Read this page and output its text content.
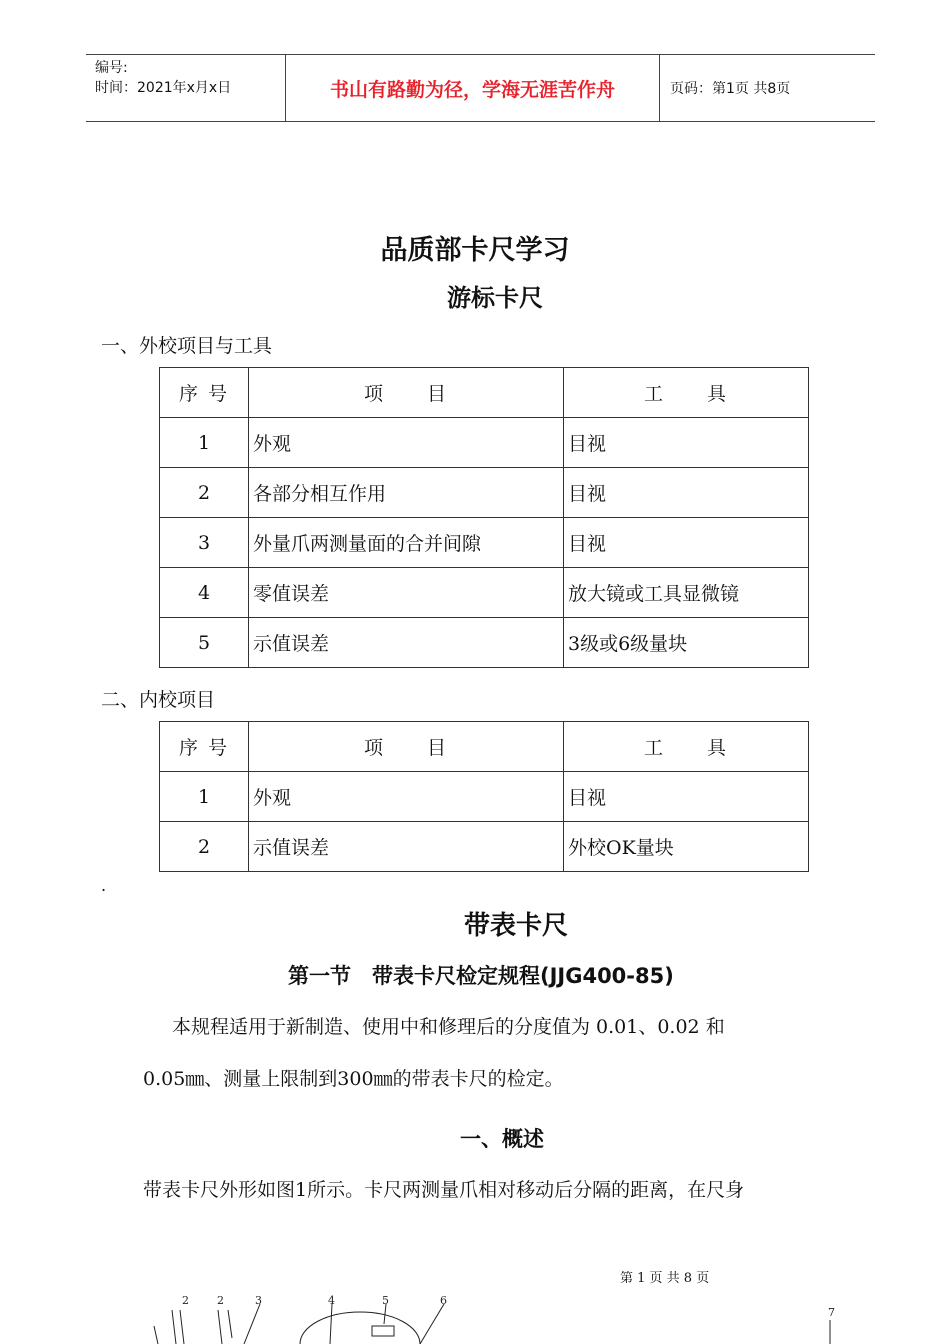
编号:
时间：2021年x月x日	书山有路勤为径，学海无涯苦作舟	页码：第1页 共8页
品质部卡尺学习
游标卡尺
一、外校项目与工具
序 号	项　　目	工　　具
1	外观	目视
2	各部分相互作用	目视
3	外量爪两测量面的合并间隙	目视
4	零值误差	放大镜或工具显微镜
5	示值误差	3级或6级量块
二、内校项目
序 号	项　　目	工　　具
1	外观	目视
2	示值误差	外校OK量块
.
带表卡尺
第一节　带表卡尺检定规程(JJG400-85)
本规程适用于新制造、使用中和修理后的分度值为 0.01、0.02 和
0.05㎜、测量上限制到300㎜的带表卡尺的检定。
一、概述
带表卡尺外形如图1所示。卡尺两测量爪相对移动后分隔的距离，在尺身
第 1 页 共 8 页
2	2	3	4	5	6
7
